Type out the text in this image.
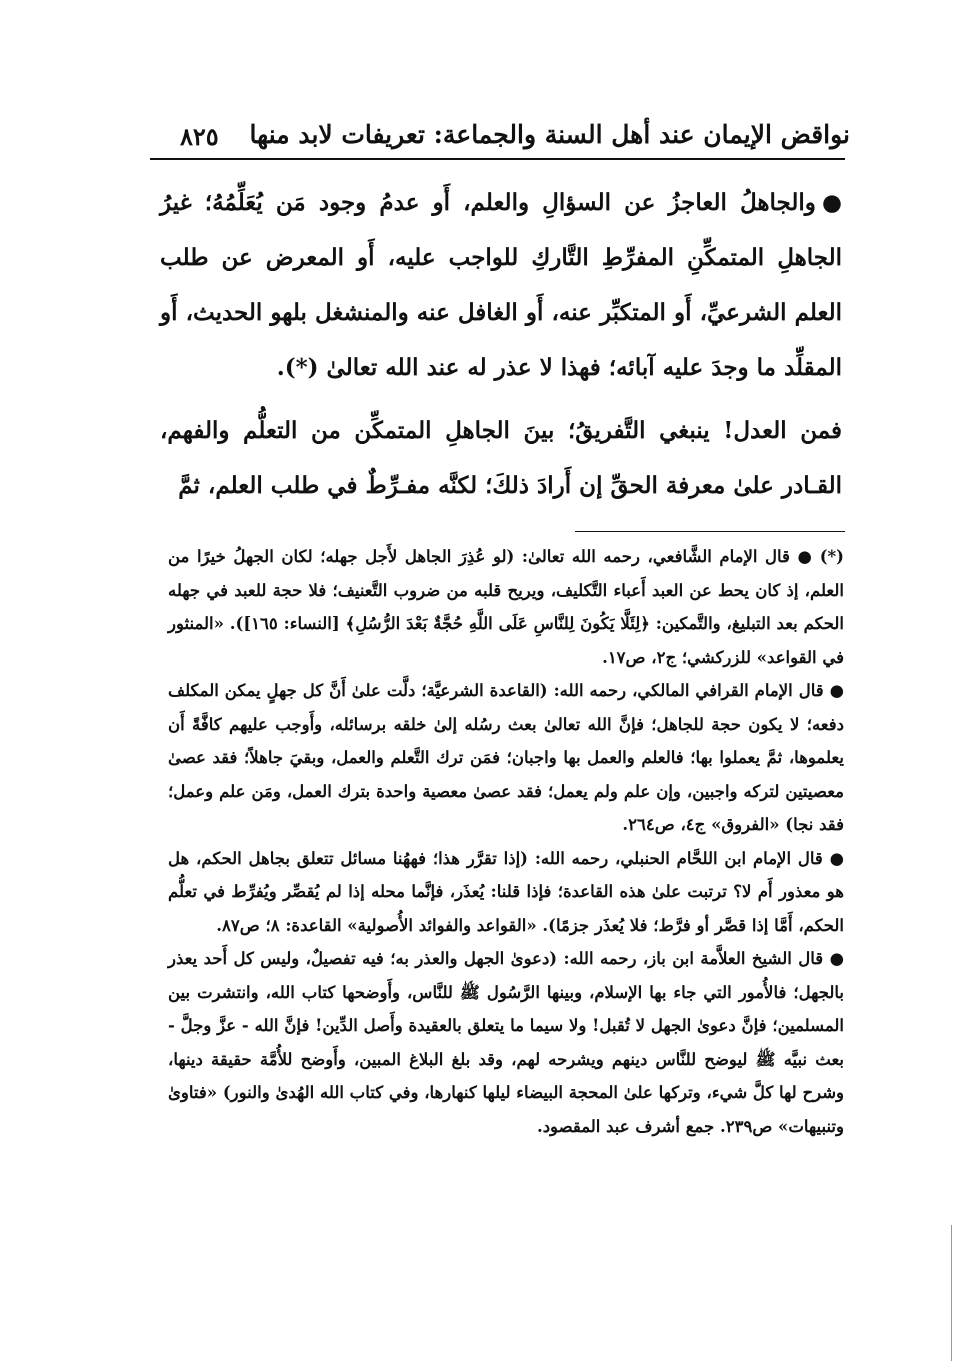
نواقض الإيمان عند أهل السنة والجماعة: تعريفات لابد منها
٨٢٥

●والجاهلُ العاجزُ عن السؤالِ والعلم، أَو عدمُ وجود مَن يُعَلِّمُهُ؛ غيرُ الجاهلِ المتمكِّنِ المفرِّطِ التَّاركِ للواجب عليه، أَو المعرض عن طلب العلم الشرعيِّ، أَو المتكبِّر عنه، أَو الغافل عنه والمنشغل بلهو الحديث، أَو المقلِّد ما وجدَ عليه آبائه؛ فهذا لا عذر له عند الله تعالىٰ (*).

فمن العدل! ينبغي التَّفريقُ؛ بينَ الجاهلِ المتمكِّن من التعلُّم والفهم، القـادر علىٰ معرفة الحقِّ إن أَرادَ ذلكَ؛ لكنَّه مفـرِّطٌ في طلب العلم، ثمَّ

(*)● قال الإمام الشَّافعي، رحمه الله تعالىٰ: (لو عُذِرَ الجاهل لأَجل جهله؛ لكان الجهلُ خيرًا من العلم، إذ كان يحط عن العبد أَعباء التَّكليف، ويريح قلبه من ضروب التَّعنيف؛ فلا حجة للعبد في جهله الحكم بعد التبليغ، والتَّمكين: ﴿لِئَلَّا يَكُونَ لِلنَّاسِ عَلَى اللَّهِ حُجَّةٌ بَعْدَ الرُّسُلِ﴾ [النساء: ١٦٥]). «المنثور في القواعد» للزركشي؛ ج٢، ص١٧.

● قال الإمام القرافي المالكي، رحمه الله: (القاعدة الشرعيَّة؛ دلَّت علىٰ أَنَّ كل جهلٍ يمكن المكلف دفعه؛ لا يكون حجة للجاهل؛ فإنَّ الله تعالىٰ بعث رسُله إلىٰ خلقه برسائله، وأَوجب عليهم كافَّةً أَن يعلموها، ثمَّ يعملوا بها؛ فالعلم والعمل بها واجبان؛ فمَن ترك التَّعلم والعمل، وبقيَ جاهلاً؛ فقد عصىٰ معصيتين لتركه واجبين، وإن علم ولم يعمل؛ فقد عصىٰ معصية واحدة بترك العمل، ومَن علم وعمل؛ فقد نجا) «الفروق» ج٤، ص٢٦٤.

● قال الإمام ابن اللحَّام الحنبلي، رحمه الله: (إذا تقرَّر هذا؛ فههُنا مسائل تتعلق بجاهل الحكم، هل هو معذور أَم لا؟ ترتبت علىٰ هذه القاعدة؛ فإذا قلنا: يُعذَر، فإنَّما محله إذا لم يُقصِّر ويُفرِّط في تعلُّم الحكم، أَمَّا إذا قصَّر أو فرَّط؛ فلا يُعذَر جزمًا). «القواعد والفوائد الأُصولية» القاعدة: ٨؛ ص٨٧.

● قال الشيخ العلاَّمة ابن باز، رحمه الله: (دعوىٰ الجهل والعذر به؛ فيه تفصيلٌ، وليس كل أَحد يعذر بالجهل؛ فالأُمور التي جاء بها الإسلام، وبينها الرَّسُول ﷺ للنَّاس، وأَوضحها كتاب الله، وانتشرت بين المسلمين؛ فإنَّ دعوىٰ الجهل لا تُقبل! ولا سيما ما يتعلق بالعقيدة وأَصل الدِّين! فإنَّ الله - عزَّ وجلَّ - بعث نبيَّه ﷺ ليوضح للنَّاس دينهم ويشرحه لهم، وقد بلغ البلاغ المبين، وأَوضح للأُمَّة حقيقة دينها، وشرح لها كلَّ شيء، وتركها علىٰ المحجة البيضاء ليلها كنهارها، وفي كتاب الله الهُدىٰ والنور) «فتاوىٰ وتنبيهات» ص٢٣٩. جمع أشرف عبد المقصود.
